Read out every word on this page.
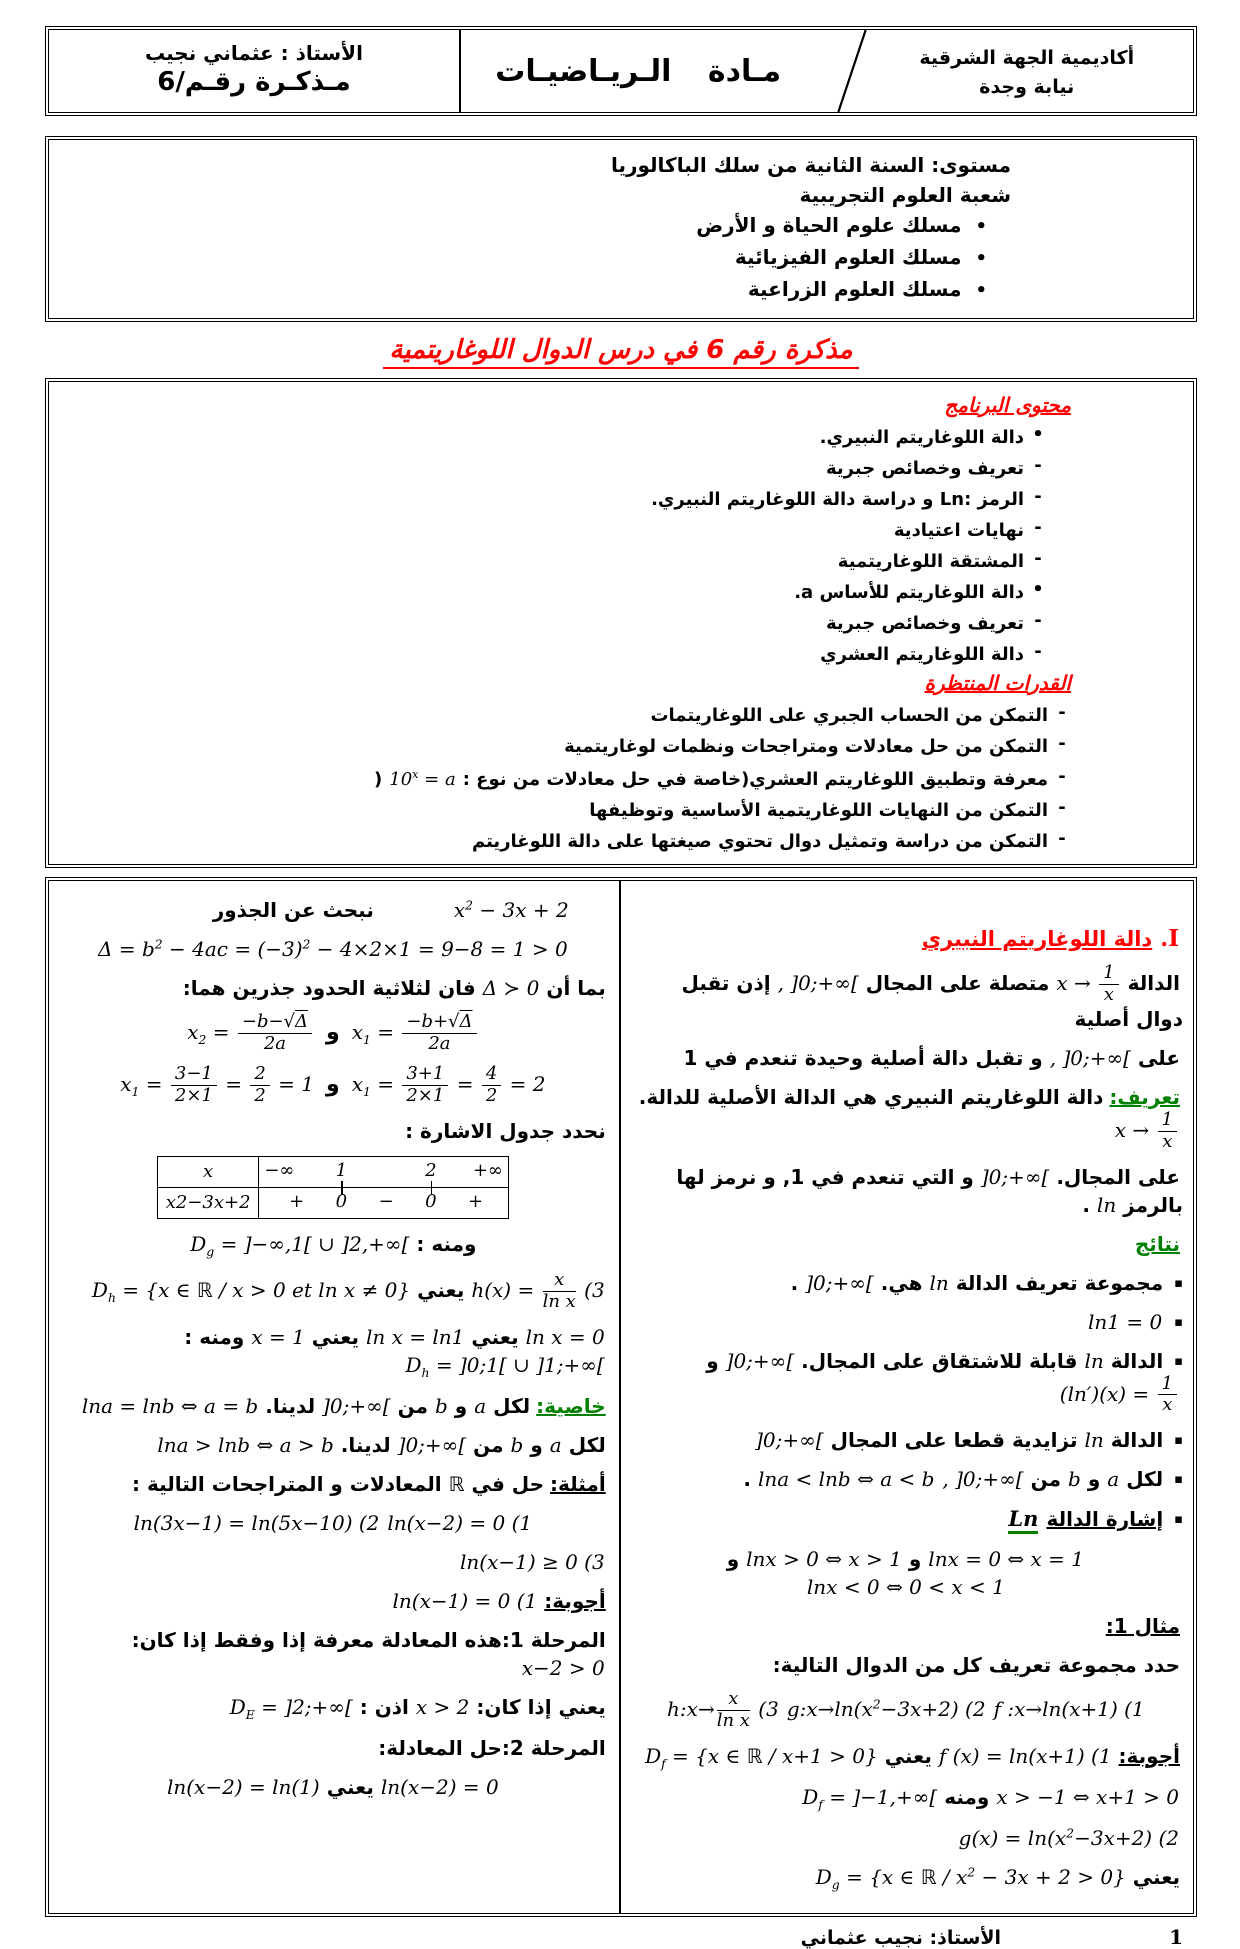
أكاديمية الجهة الشرقية
نيابة وجدة
مـادة الـريـاضيـات
الأستاذ : عثماني نجيب
مـذكـرة رقـم/6
مستوى: السنة الثانية من سلك الباكالوريا
شعبة العلوم التجريبية
•مسلك علوم الحياة و الأرض
•مسلك العلوم الفيزيائية
•مسلك العلوم الزراعية
مذكرة رقم 6 في درس الدوال اللوغاريتمية
محتوى البرنامج
•دالة اللوغاريتم النبيري.
-تعريف وخصائص جبرية
-الرمز :Ln و دراسة دالة اللوغاريتم النبيري.
-نهايات اعتيادية
-المشتقة اللوغاريتمية
•دالة اللوغاريتم للأساس a.
-تعريف وخصائص جبرية
-دالة اللوغاريتم العشري
القدرات المنتظرة
-التمكن من الحساب الجبري على اللوغاريتمات
-التمكن من حل معادلات ومتراجحات ونظمات لوغاريتمية
-معرفة وتطبيق اللوغاريتم العشري(خاصة في حل معادلات من نوع $:10^x = a$(
-التمكن من النهايات اللوغاريتمية الأساسية وتوظيفها
-التمكن من دراسة وتمثيل دوال تحتوي صيغتها على دالة اللوغاريتم
I.دالة اللوغاريتم النبيري
الدالةx → $\frac{1}{x}$
متصلة على المجال, ]0;+∞[إذن تقبل دوال أصلية
على, ]0;+∞[و تقبل دالة أصلية وحيدة تنعدم في 1
تعريف:دالة اللوغاريتم النبيري هي الدالة الأصلية للدالة.x → $\frac{1}{x}$
على المجال.]0;+∞[و التي تنعدم في 1, و نرمز لها بالرمزln.
نتائج
▪مجموعة تعريف الدالةlnهي.]0;+∞[.
▪ln1 = 0
▪الدالةlnقابلة للاشتقاق على المجال.]0;+∞[و(ln′)(x) = $\frac{1}{x}$
▪الدالةlnتزايدية قطعا على المجال]0;+∞[
▪لكلaوbمن, ]0;+∞[lna < lnb ⇔ a < b.
▪إشارة الدالةLn
lnx = 0 ⇔ x = 1وlnx > 0 ⇔ x > 1وlnx < 0 ⇔ 0 < x < 1
مثال 1:
حدد مجموعة تعريف كل من الدوال التالية:
f :x→ln(x+1) ($1g:x\to\ln(x^2-3x+2)$ (2h:x→ $\frac{x}{\text{ln x}} (3$
أجوبة:f (x) = ln(x+1) (1يعنيD$_f$ = {x ∈ ℝ / x+1 > 0}
x > −1 ⇔ x+1 > 0ومنهD$_f$ = ]−1,+∞[
$g(x) = \ln(x^2-3x+2)$ (2
يعنيD$_g$ = {x ∈ ℝ / $x^2 - 3x + 2 > 0$}
$x^2 - 3x$ + 2نبحث عن الجذور
$\Delta = b^2 - 4ac = (-3)^2 - 4\times 2\times 1 = 9-8 = 1 > 0$
بما أنΔ ≻ 0فان لثلاثية الحدود جذرين هما:
$x_1 = \frac{-b+√\Delta}{2a}$
وx$_2$ = $\frac{-b-√\Delta}{2a}$
$x_1 = \frac{3+1}{2\times 1} = \frac{4}{2}$ = 2وx$_1$ = $\frac{3-1}{2\times 1} = \frac{2}{2} = 1$
نحدد جدول الاشارة :
x	−∞ 1	2 +∞
x2−3x+2	+ 0 − 0 +
ومنه $:D_g = ]-\infty,1$[ ∪ ]2,+∞[
$h(x) = \frac{x}{\text{ln x}}$ (3يعنيD$_h$ = {x ∈ ℝ / x > 0 et ln x ≠ 0}
ln x = 0يعنيln x = ln1يعنيx = 1ومنه $:D_h$ = ]0;1[ ∪ ]1;+∞[
خاصية:لكلaوbمن]0;+∞[لدينا.lna = lnb ⇔ a = b
لكلaوbمن]0;+∞[لدينا.lna > lnb ⇔ a > b
أمثلة:حل فيℝالمعادلات و المتراجحات التالية :
ln(x−2) = 0 (1ln(3x−1) = ln(5x−10) (2
ln(x−1) ≥ 0 (3
أجوبة:ln(x−1) = 0 (1
المرحلة 1:هذه المعادلة معرفة إذا وفقط إذا كان:x−2 > 0
يعني إذا كان:x > 2اذن $:D_E$ = ]2;+∞[
المرحلة 2:حل المعادلة:
ln(x−2) = 0يعنيln(x−2) = ln(1)
1
الأستاذ: نجيب عثماني
